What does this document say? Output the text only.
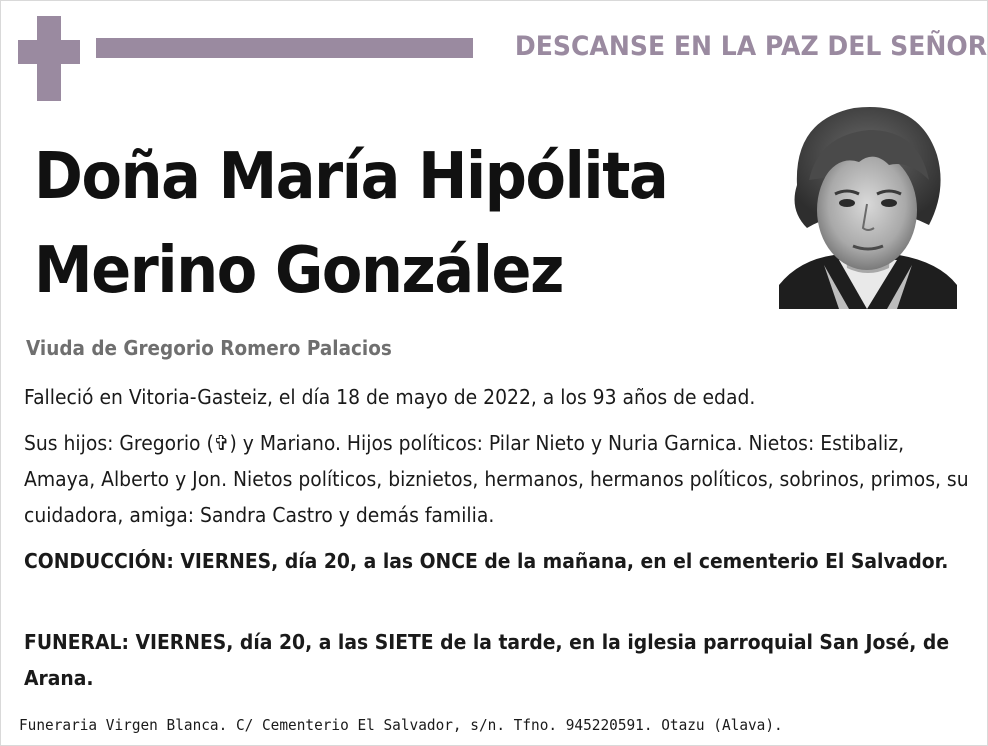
DESCANSE EN LA PAZ DEL SEÑOR
Doña María Hipólita
Merino González
Viuda de Gregorio Romero Palacios
Falleció en Vitoria-Gasteiz, el día 18 de mayo de 2022, a los 93 años de edad.
Sus hijos: Gregorio (✞) y Mariano. Hijos políticos: Pilar Nieto y Nuria Garnica. Nietos: Estibaliz, Amaya, Alberto y Jon. Nietos políticos, biznietos, hermanos, hermanos políticos, sobrinos, primos, su cuidadora, amiga: Sandra Castro y demás familia.
CONDUCCIÓN: VIERNES, día 20, a las ONCE de la mañana, en el cementerio El Salvador.
FUNERAL: VIERNES, día 20, a las SIETE de la tarde, en la iglesia parroquial San José, de Arana.
Funeraria Virgen Blanca. C/ Cementerio El Salvador, s/n. Tfno. 945220591. Otazu (Alava).
